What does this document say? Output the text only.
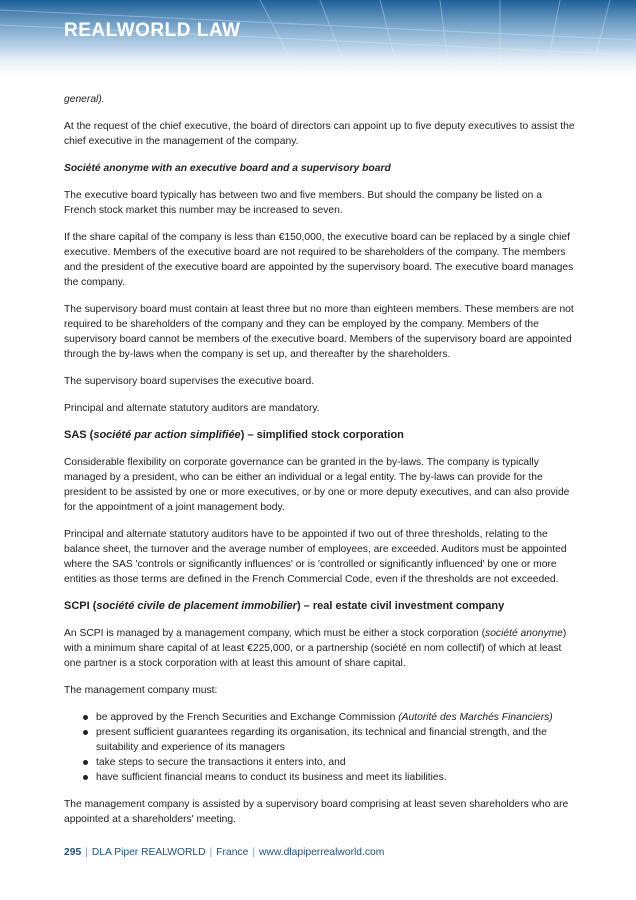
REALWORLD LAW

general).

At the request of the chief executive, the board of directors can appoint up to five deputy executives to assist the chief executive in the management of the company.

Société anonyme with an executive board and a supervisory board

The executive board typically has between two and five members. But should the company be listed on a French stock market this number may be increased to seven.

If the share capital of the company is less than €150,000, the executive board can be replaced by a single chief executive. Members of the executive board are not required to be shareholders of the company. The members and the president of the executive board are appointed by the supervisory board. The executive board manages the company.

The supervisory board must contain at least three but no more than eighteen members. These members are not required to be shareholders of the company and they can be employed by the company. Members of the supervisory board cannot be members of the executive board. Members of the supervisory board are appointed through the by-laws when the company is set up, and thereafter by the shareholders.

The supervisory board supervises the executive board.

Principal and alternate statutory auditors are mandatory.

SAS (société par action simplifiée) – simplified stock corporation

Considerable flexibility on corporate governance can be granted in the by-laws. The company is typically managed by a president, who can be either an individual or a legal entity. The by-laws can provide for the president to be assisted by one or more executives, or by one or more deputy executives, and can also provide for the appointment of a joint management body.

Principal and alternate statutory auditors have to be appointed if two out of three thresholds, relating to the balance sheet, the turnover and the average number of employees, are exceeded. Auditors must be appointed where the SAS 'controls or significantly influences' or is 'controlled or significantly influenced' by one or more entities as those terms are defined in the French Commercial Code, even if the thresholds are not exceeded.

SCPI (société civile de placement immobilier) – real estate civil investment company

An SCPI is managed by a management company, which must be either a stock corporation (société anonyme) with a minimum share capital of at least €225,000, or a partnership (société en nom collectif) of which at least one partner is a stock corporation with at least this amount of share capital.

The management company must:

be approved by the French Securities and Exchange Commission (Autorité des Marchés Financiers)
present sufficient guarantees regarding its organisation, its technical and financial strength, and the suitability and experience of its managers
take steps to secure the transactions it enters into, and
have sufficient financial means to conduct its business and meet its liabilities.

The management company is assisted by a supervisory board comprising at least seven shareholders who are appointed at a shareholders' meeting.

295 | DLA Piper REALWORLD | France | www.dlapiperrealworld.com
